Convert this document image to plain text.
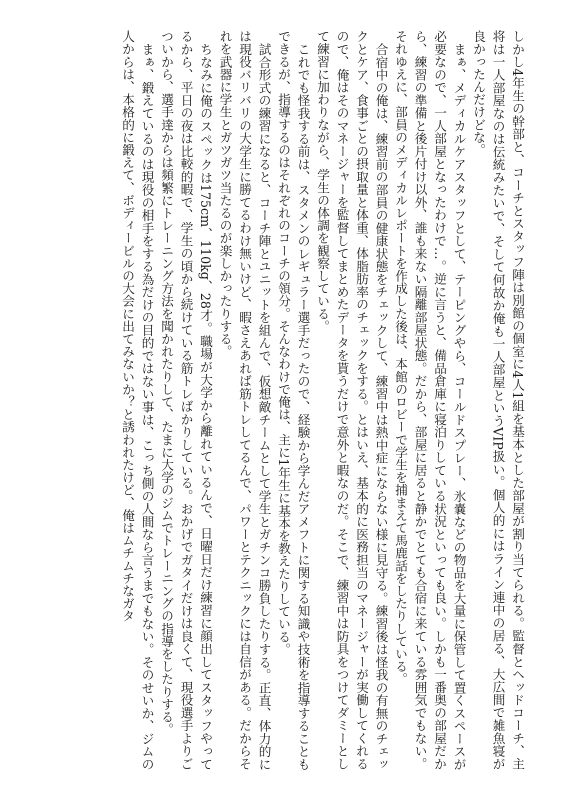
しかし4年生の幹部と、コーチとスタッフ陣は別館の個室に4人1組を基本とした部屋が割り当てられる。監督とヘッドコーチ、主将は一人部屋なのは伝統みたいで、そして何故か俺も一人部屋というVIP扱い。個人的にはライン連中の居る、大広間で雑魚寝が良かったんだけどな。

まぁ、メディカルケアスタッフとして、テーピングやら、コールドスプレー、氷嚢などの物品を大量に保管して置くスペースが必要なので、一人部屋となったわけで…。逆に言うと、備品倉庫に寝泊りしている状況といっても良い。しかも一番奥の部屋だから、練習の準備と後片付け以外、誰も来ない隔離部屋状態。だから、部屋に居ると静かでとても合宿に来ている雰囲気でもない。それゆえに、部員のメディカルレポートを作成した後は、本館のロビーで学生を捕まえて馬鹿話をしたりしている。

合宿中の俺は、練習前の部員の健康状態をチェックして、練習中は熱中症にならない様に見守る。練習後は怪我の有無のチェックとケア、食事ごとの摂取量と体重、体脂肪率のチェックをする。とはいえ、基本的に医務担当のマネージャーが実働してくれるので、俺はそのマネージャーを監督してまとめたデータを貰うだけで意外と暇なのだ。そこで、練習中は防具をつけてダミーとして練習に加わりながら、学生の体調を観察している。

これでも怪我する前は、スタメンのレギュラー選手だったので、経験から学んだアメフトに関する知識や技術を指導することもできるが、指導するのはそれぞれのコーチの領分。そんなわけで俺は、主に1年生に基本を教えたりしている。

試合形式の練習になると、コーチ陣とユニットを組んで、仮想敵チームとして学生とガチンコ勝負したりする。正直、体力的には現役バリバリの大学生に勝てるわけ無いけど、暇さえあれば筋トレしてるんで、パワーとテクニックには自信がある。だからそれを武器に学生とガツガツ当たるのが楽しかったりする。

ちなみに俺のスペックは175cm、110kg、28才。職場が大学から離れているんで、日曜日だけ練習に顔出してスタッフやってるから、平日の夜は比較的暇で、学生の頃から続けている筋トレばかりしている。おかげでガタイだけは良くて、現役選手よりごついから、選手達からは頻繁にトレーニング方法を聞かれたりして、たまに大学のジムでトレーニングの指導をしたりする。

まぁ、鍛えているのは現役の相手をする為だけの目的ではない事は、こっち側の人間なら言うまでもない。そのせいか、ジムの人からは、本格的に鍛えて、ボディービルの大会に出てみないか？と誘われたけど、俺はムチムチなガタ
